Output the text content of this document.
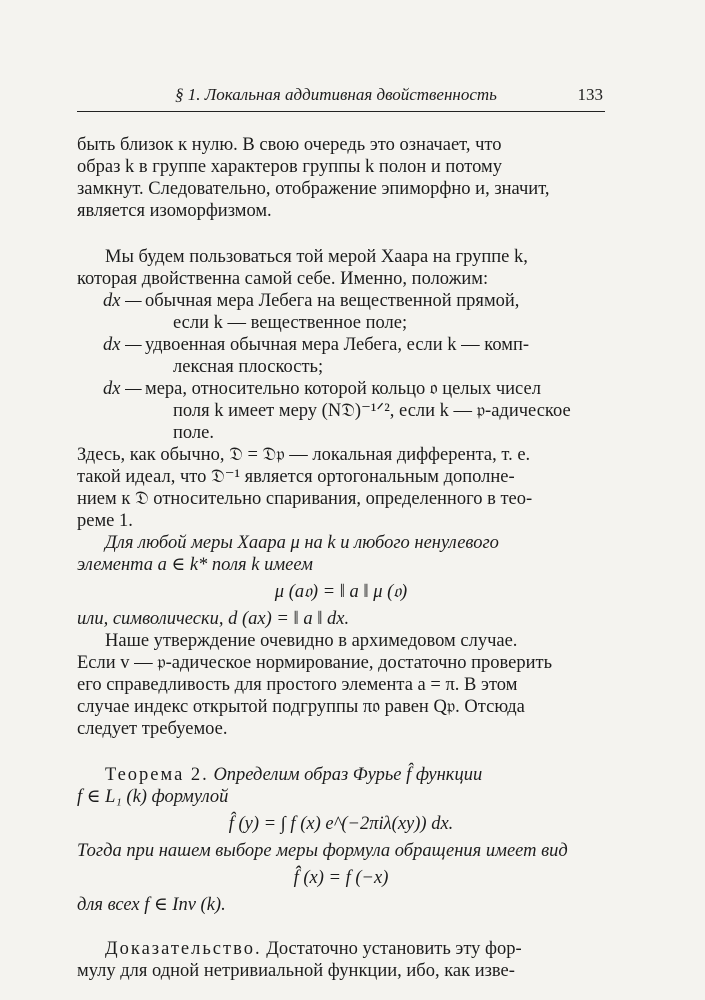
§ 1. Локальная аддитивная двойственность	133

быть близок к нулю. В свою очередь это означает, что

образ k в группе характеров группы k полон и потому

замкнут. Следовательно, отображение эпиморфно и, значит,

является изоморфизмом.

Мы будем пользоваться той мерой Хаара на группе k,

которая двойственна самой себе. Именно, положим:

dx — обычная мера Лебега на вещественной прямой,
если k — вещественное поле;
dx — удвоенная обычная мера Лебега, если k — комп-
лексная плоскость;
dx — мера, относительно которой кольцо 𝔬 целых чисел
поля k имеет меру (N𝔇)⁻¹ᐟ², если k — 𝔭-адическое
поле.

Здесь, как обычно, 𝔇 = 𝔇𝔭 — локальная дифферента, т. е.

такой идеал, что 𝔇⁻¹ является ортогональным дополне-

нием к 𝔇 относительно спаривания, определенного в тео-

реме 1.

Для любой меры Хаара μ на k и любого ненулевого

элемента a ∈ k* поля k имеем

μ (a𝔬) = ‖ a ‖ μ (𝔬)

или, символически, d (ax) = ‖ a ‖ dx.

Наше утверждение очевидно в архимедовом случае.

Если v — 𝔭-адическое нормирование, достаточно проверить

его справедливость для простого элемента a = π. В этом

случае индекс открытой подгруппы π𝔬 равен Q𝔭. Отсюда

следует требуемое.

Теорема 2. Определим образ Фурье f̂ функции

f ∈ L₁ (k) формулой

f̂ (y) = ∫ f (x) e^(−2πiλ(xy)) dx.

Тогда при нашем выборе меры формула обращения имеет вид

f̂̂ (x) = f (−x)

для всех f ∈ Inv (k).

Доказательство. Достаточно установить эту фор-

мулу для одной нетривиальной функции, ибо, как изве-
